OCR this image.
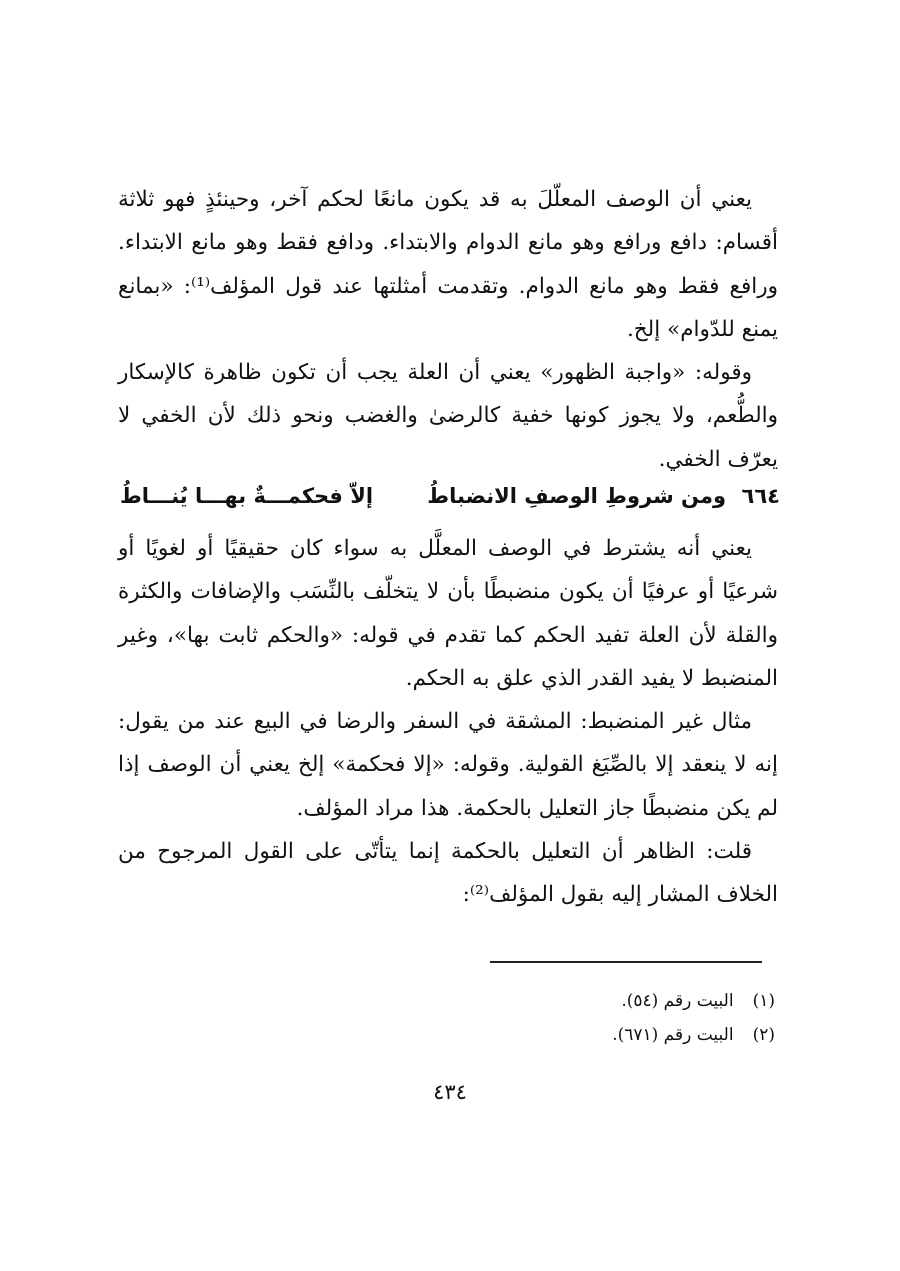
يعني أن الوصف المعلّلَ به قد يكون مانعًا لحكم آخر، وحينئذٍ فهو ثلاثة أقسام: دافع ورافع وهو مانع الدوام والابتداء. ودافع فقط وهو مانع الابتداء. ورافع فقط وهو مانع الدوام. وتقدمت أمثلتها عند قول المؤلف⁽¹⁾: «بمانع يمنع للدّوام» إلخ.

وقوله: «واجبة الظهور» يعني أن العلة يجب أن تكون ظاهرة كالإسكار والطُّعم، ولا يجوز كونها خفية كالرضىٰ والغضب ونحو ذلك لأن الخفي لا يعرّف الخفي.

٦٦٤
ومن شروطِ الوصفِ الانضباطُ
إلاّ فحكمـــةٌ بهـــا يُنـــاطُ

يعني أنه يشترط في الوصف المعلَّل به سواء كان حقيقيًا أو لغويًا أو شرعيًا أو عرفيًا أن يكون منضبطًا بأن لا يتخلّف بالنِّسَب والإضافات والكثرة والقلة لأن العلة تفيد الحكم كما تقدم في قوله: «والحكم ثابت بها»، وغير المنضبط لا يفيد القدر الذي علق به الحكم.

مثال غير المنضبط: المشقة في السفر والرضا في البيع عند من يقول: إنه لا ينعقد إلا بالصِّيَغ القولية. وقوله: «إلا فحكمة» إلخ يعني أن الوصف إذا لم يكن منضبطًا جاز التعليل بالحكمة. هذا مراد المؤلف.

قلت: الظاهر أن التعليل بالحكمة إنما يتأتّى على القول المرجوح من الخلاف المشار إليه بقول المؤلف⁽²⁾:

(١) البيت رقم (٥٤).
(٢) البيت رقم (٦٧١).
٤٣٤
